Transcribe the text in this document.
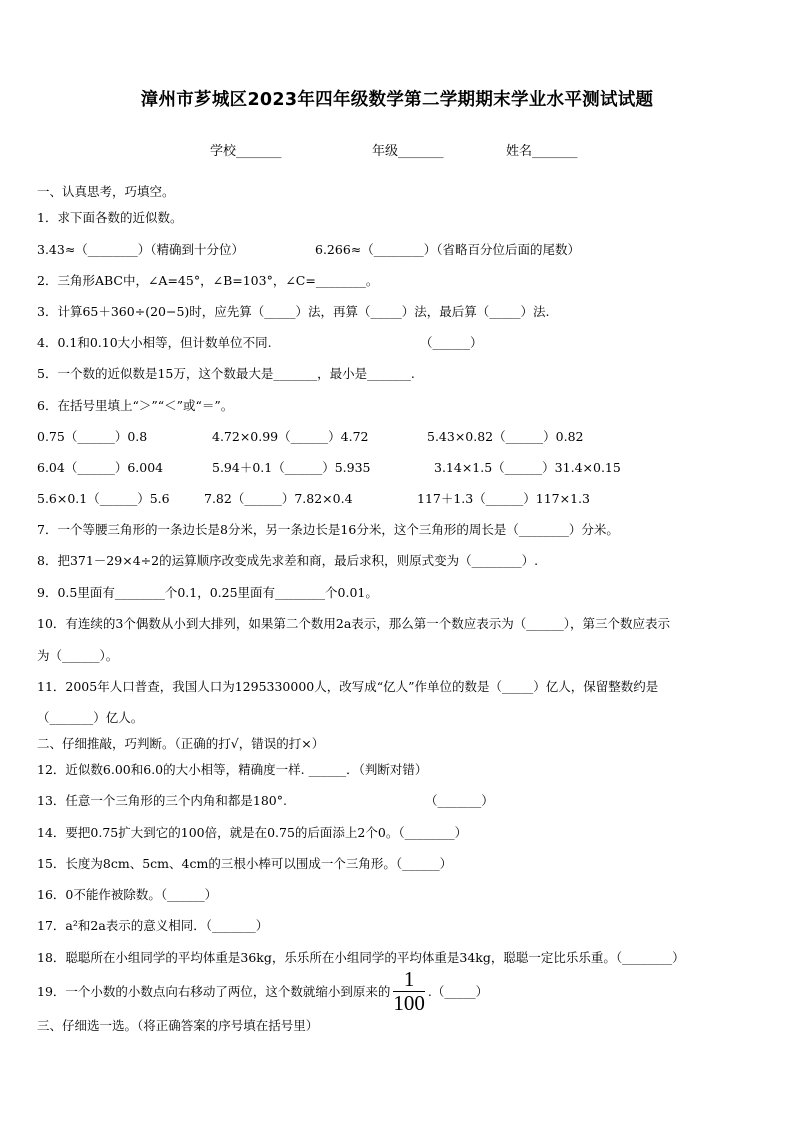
漳州市芗城区2023年四年级数学第二学期期末学业水平测试试题
学校_______	年级_______	姓名_______
一、认真思考，巧填空。
1．求下面各数的近似数。
3.43≈（________）（精确到十分位）	6.266≈（________）（省略百分位后面的尾数）
2．三角形ABC中，∠A=45°，∠B=103°，∠C=________。
3．计算65＋360÷(20−5)时，应先算（_____）法，再算（_____）法，最后算（_____）法.
4．0.1和0.10大小相等，但计数单位不同.	（______）
5．一个数的近似数是15万，这个数最大是_______，最小是_______.
6．在括号里填上“＞”“＜”或“＝”。
0.75（______）0.8	4.72×0.99（______）4.72	5.43×0.82（______）0.82
6.04（______）6.004	5.94＋0.1（______）5.935	3.14×1.5（______）31.4×0.15
5.6×0.1（______）5.6	7.82（______）7.82×0.4	117＋1.3（______）117×1.3
7．一个等腰三角形的一条边长是8分米，另一条边长是16分米，这个三角形的周长是（________）分米。
8．把371－29×4÷2的运算顺序改变成先求差和商，最后求积，则原式变为（________）.
9．0.5里面有________个0.1，0.25里面有________个0.01。
10．有连续的3个偶数从小到大排列，如果第二个数用2a表示，那么第一个数应表示为（______），第三个数应表示
为（______）。
11．2005年人口普查，我国人口为1295330000人，改写成“亿人”作单位的数是（_____）亿人，保留整数约是
（_______）亿人。
二、仔细推敲，巧判断。（正确的打√，错误的打×）
12．近似数6.00和6.0的大小相等，精确度一样. ______．（判断对错）
13．任意一个三角形的三个内角和都是180°.	（_______）
14．要把0.75扩大到它的100倍，就是在0.75的后面添上2个0。（________）
15．长度为8cm、5cm、4cm的三根小棒可以围成一个三角形。（______）
16．0不能作被除数。（______）
17．a²和2a表示的意义相同．（_______）
18．聪聪所在小组同学的平均体重是36kg，乐乐所在小组同学的平均体重是34kg，聪聪一定比乐乐重。（________）
19．一个小数的小数点向右移动了两位，这个数就缩小到原来的 $\frac{1}{100}$ .（_____）
三、仔细选一选。（将正确答案的序号填在括号里）
